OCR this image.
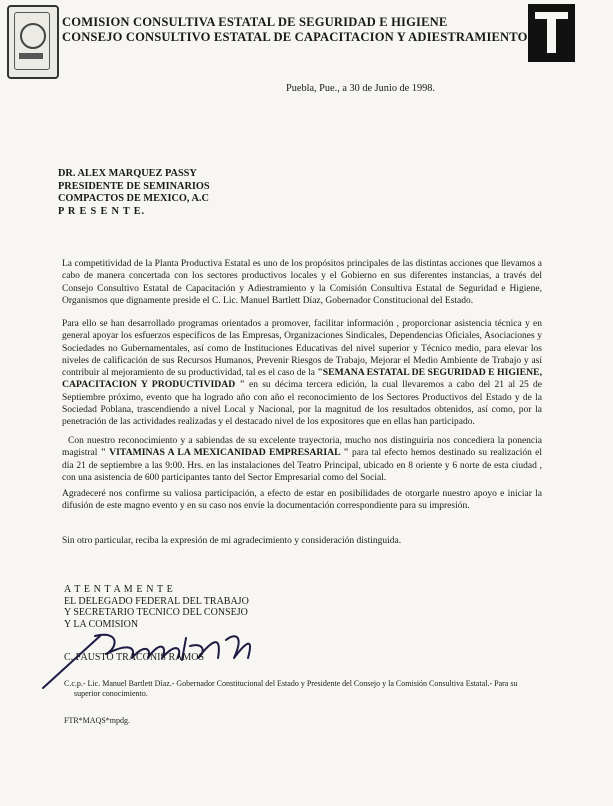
COMISION CONSULTIVA ESTATAL DE SEGURIDAD E HIGIENE
CONSEJO CONSULTIVO ESTATAL DE CAPACITACION Y ADIESTRAMIENTO
Puebla, Pue., a 30 de Junio de 1998.
DR. ALEX MARQUEZ PASSY
PRESIDENTE DE SEMINARIOS
COMPACTOS DE MEXICO, A.C
P R E S E N T E.
La competitividad de la Planta Productiva Estatal es uno de los propósitos principales de las distintas acciones que llevamos a cabo de manera concertada con los sectores productivos locales y el Gobierno en sus diferentes instancias, a través del Consejo Consultivo Estatal de Capacitación y Adiestramiento y la Comisión Consultiva Estatal de Seguridad e Higiene, Organismos que dignamente preside el C. Lic. Manuel Bartlett Díaz, Gobernador Constitucional del Estado.
Para ello se han desarrollado programas orientados a promover, facilitar información , proporcionar asistencia técnica y en general apoyar los esfuerzos específicos de las Empresas, Organizaciones Sindicales, Dependencias Oficiales, Asociaciones y Sociedades no Gubernamentales, así como de Instituciones Educativas del nivel superior y Técnico medio, para elevar los niveles de calificación de sus Recursos Humanos, Prevenir Riesgos de Trabajo, Mejorar el Medio Ambiente de Trabajo y así contribuir al mejoramiento de su productividad, tal es el caso de la "SEMANA ESTATAL DE SEGURIDAD E HIGIENE, CAPACITACION Y PRODUCTIVIDAD " en su décima tercera edición, la cual llevaremos a cabo del 21 al 25 de Septiembre próximo, evento que ha logrado año con año el reconocimiento de los Sectores Productivos del Estado y de la Sociedad Poblana, trascendiendo a nivel Local y Nacional, por la magnitud de los resultados obtenidos, así como, por la penetración de las actividades realizadas y el destacado nivel de los expositores que en ellas han participado.
Con nuestro reconocimiento y a sabiendas de su excelente trayectoria, mucho nos distinguiría nos concediera la ponencia magistral " VITAMINAS A LA MEXICANIDAD EMPRESARIAL " para tal efecto hemos destinado su realización el día 21 de septiembre a las 9:00. Hrs. en las instalaciones del Teatro Principal, ubicado en 8 oriente y 6 norte de esta ciudad , con una asistencia de 600 participantes tanto del Sector Empresarial como del Social.
Agradeceré nos confirme su valiosa participación, a efecto de estar en posibilidades de otorgarle nuestro apoyo e iniciar la difusión de este magno evento y en su caso nos envíe la documentación correspondiente para su impresión.
Sin otro particular, reciba la expresión de mi agradecimiento y consideración distinguida.
A T E N T A M E N T E
EL DELEGADO FEDERAL DEL TRABAJO
Y SECRETARIO TECNICO DEL CONSEJO
Y LA COMISION
C. FAUSTO TRACONIS RAMOS
C.c.p.- Lic. Manuel Bartlett Díaz.- Gobernador Constitucional del Estado y Presidente del Consejo y la Comisión Consultiva Estatal.- Para su
superior conocimiento.
FTR*MAQS*mpdg.
